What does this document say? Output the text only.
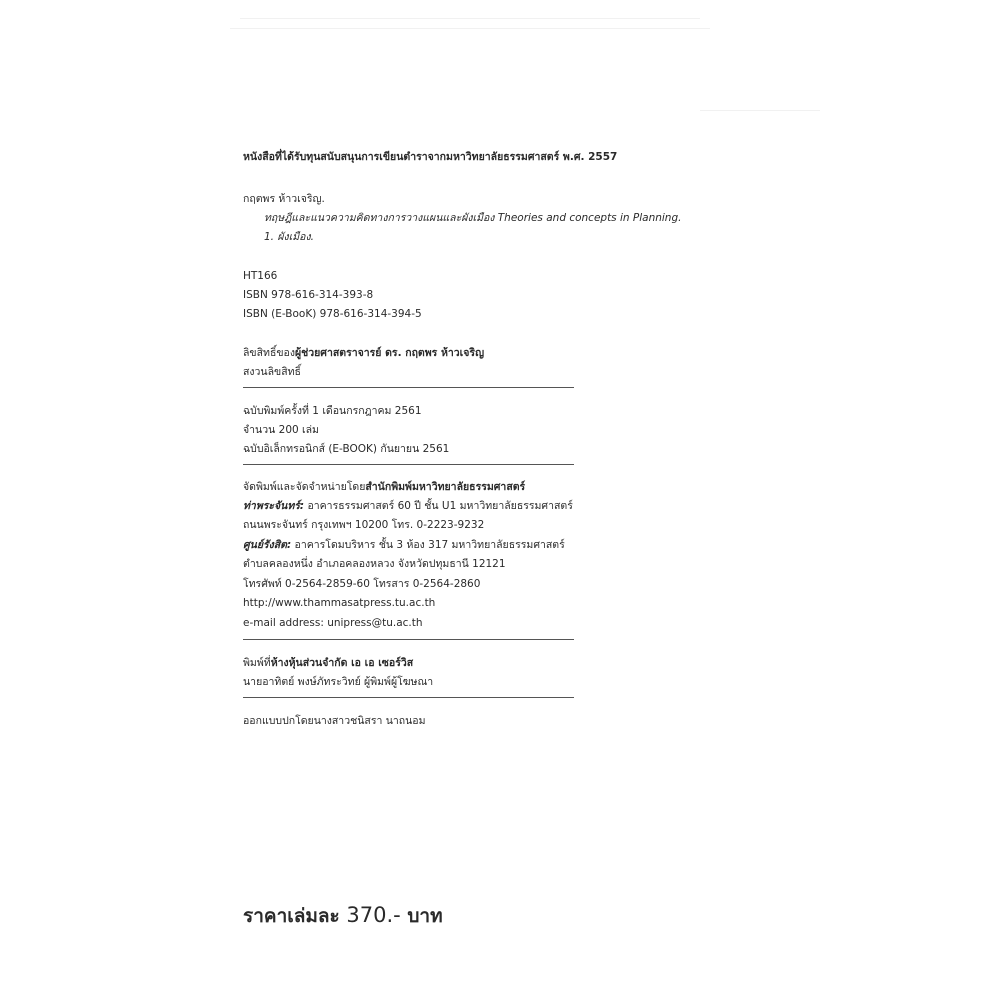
หนังสือที่ได้รับทุนสนับสนุนการเขียนตำราจากมหาวิทยาลัยธรรมศาสตร์ พ.ศ. 2557
กฤตพร ห้าวเจริญ.
ทฤษฎีและแนวความคิดทางการวางแผนและผังเมือง Theories and concepts in Planning.
1. ผังเมือง.
HT166
ISBN 978-616-314-393-8
ISBN (E-BooK) 978-616-314-394-5
ลิขสิทธิ์ของผู้ช่วยศาสตราจารย์ ดร. กฤตพร ห้าวเจริญ
สงวนลิขสิทธิ์
ฉบับพิมพ์ครั้งที่ 1 เดือนกรกฎาคม 2561
จำนวน 200 เล่ม
ฉบับอิเล็กทรอนิกส์ (E-BOOK) กันยายน 2561
จัดพิมพ์และจัดจำหน่ายโดยสำนักพิมพ์มหาวิทยาลัยธรรมศาสตร์
ท่าพระจันทร์: อาคารธรรมศาสตร์ 60 ปี ชั้น U1 มหาวิทยาลัยธรรมศาสตร์
ถนนพระจันทร์ กรุงเทพฯ 10200 โทร. 0-2223-9232
ศูนย์รังสิต: อาคารโดมบริหาร ชั้น 3 ห้อง 317 มหาวิทยาลัยธรรมศาสตร์
ตำบลคลองหนึ่ง อำเภอคลองหลวง จังหวัดปทุมธานี 12121
โทรศัพท์ 0-2564-2859-60 โทรสาร 0-2564-2860
http://www.thammasatpress.tu.ac.th
e-mail address: unipress@tu.ac.th
พิมพ์ที่ห้างหุ้นส่วนจำกัด เอ เอ เซอร์วิส
นายอาทิตย์ พงษ์ภัทระวิทย์ ผู้พิมพ์ผู้โฆษณา
ออกแบบปกโดยนางสาวชนิสรา นาถนอม
ราคาเล่มละ 370.- บาท
